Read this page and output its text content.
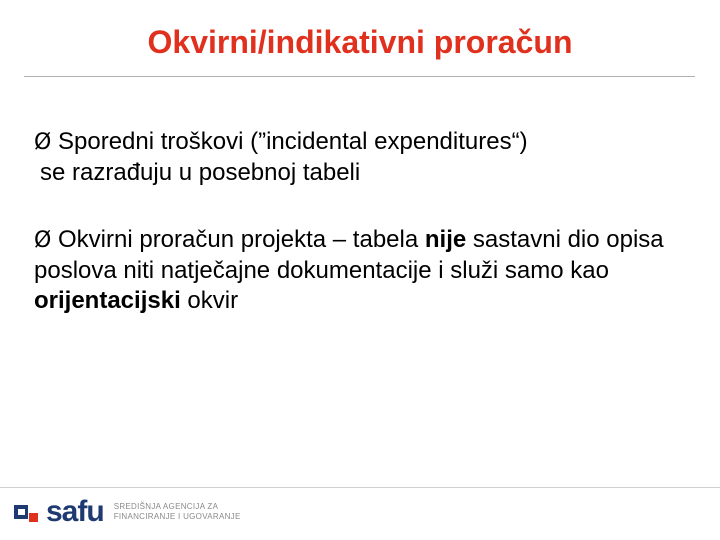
Okvirni/indikativni proračun

Ø Sporedni troškovi (”incidental expenditures“)
se razrađuju u posebnoj tabeli

Ø Okvirni proračun projekta – tabela nije sastavni dio opisa poslova niti natječajne dokumentacije i služi samo kao orijentacijski okvir

safu SREDIŠNJA AGENCIJA ZA
FINANCIRANJE I UGOVARANJE
